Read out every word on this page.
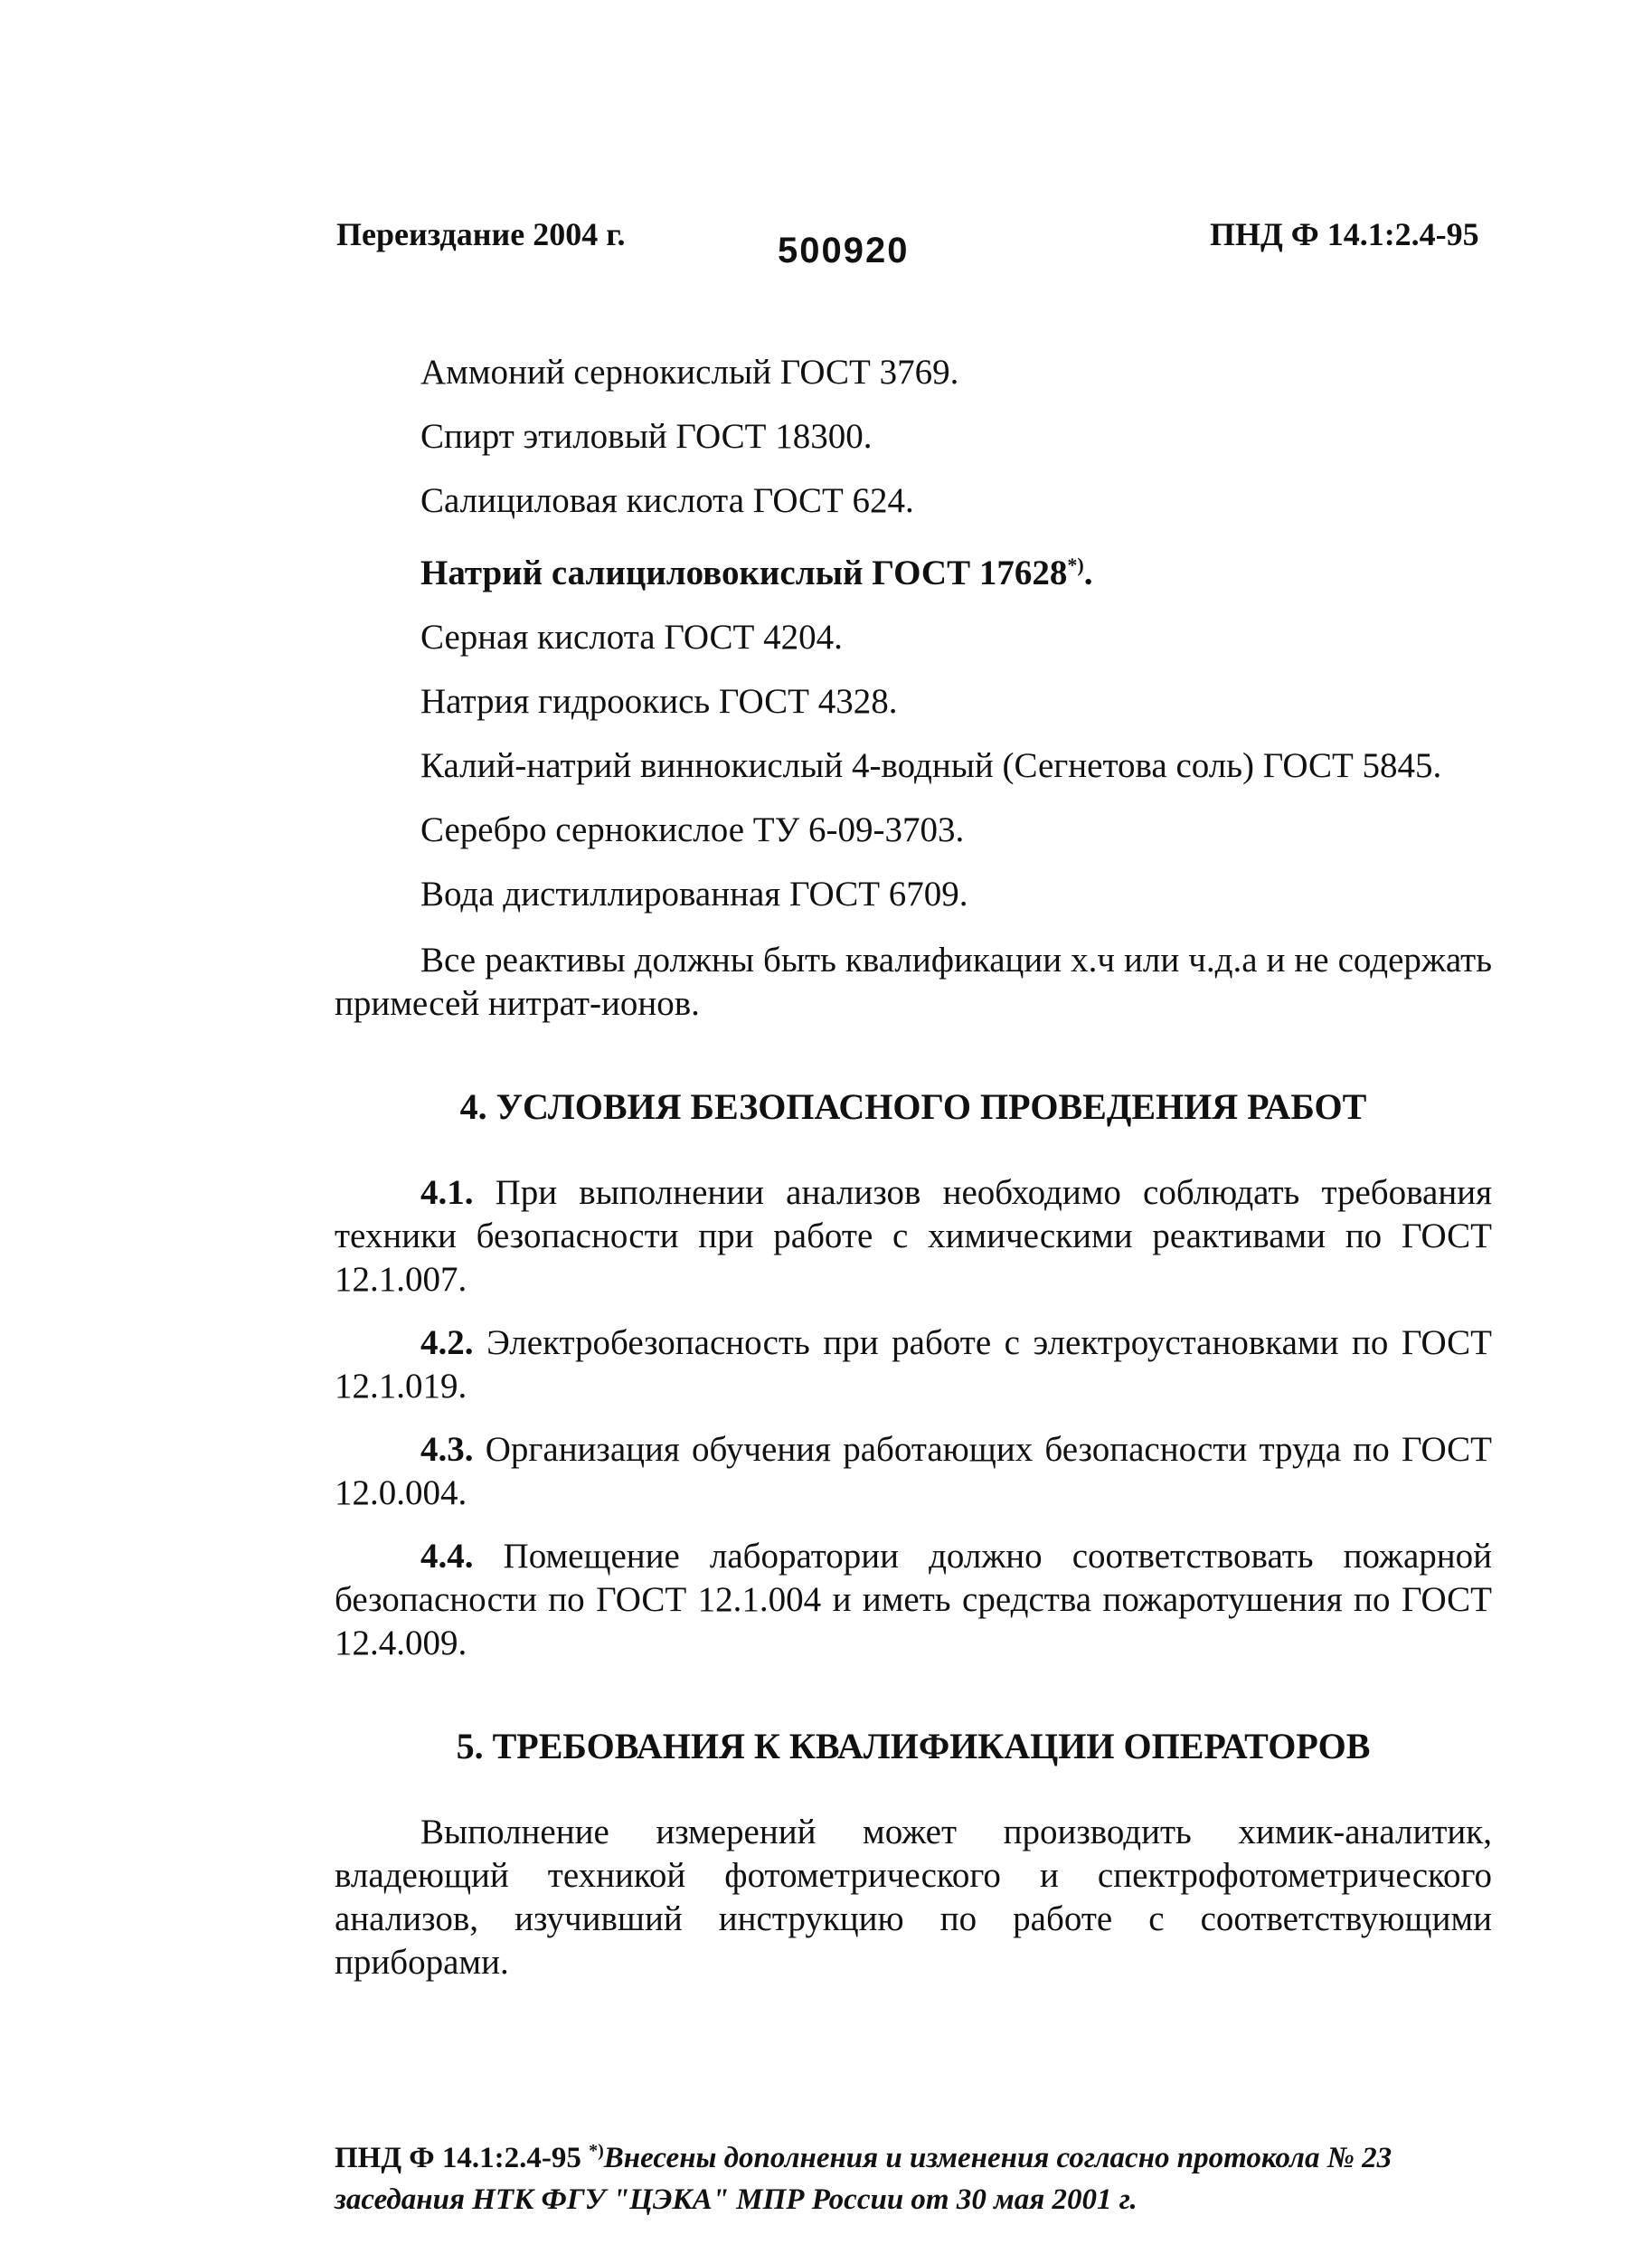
Переиздание 2004 г.	500920	ПНД Ф 14.1:2.4-95
Аммоний сернокислый ГОСТ 3769.
Спирт этиловый ГОСТ 18300.
Салициловая кислота ГОСТ 624.
Натрий салициловокислый ГОСТ 17628*).
Серная кислота ГОСТ 4204.
Натрия гидроокись ГОСТ 4328.
Калий-натрий виннокислый 4-водный (Сегнетова соль) ГОСТ 5845.
Серебро сернокислое ТУ 6-09-3703.
Вода дистиллированная ГОСТ 6709.

Все реактивы должны быть квалификации х.ч или ч.д.а и не содержать примесей нитрат-ионов.

4. УСЛОВИЯ БЕЗОПАСНОГО ПРОВЕДЕНИЯ РАБОТ

4.1. При выполнении анализов необходимо соблюдать требования техники безопасности при работе с химическими реактивами по ГОСТ 12.1.007.

4.2. Электробезопасность при работе с электроустановками по ГОСТ 12.1.019.

4.3. Организация обучения работающих безопасности труда по ГОСТ 12.0.004.

4.4. Помещение лаборатории должно соответствовать пожарной безопасности по ГОСТ 12.1.004 и иметь средства пожаротушения по ГОСТ 12.4.009.

5. ТРЕБОВАНИЯ К КВАЛИФИКАЦИИ ОПЕРАТОРОВ

Выполнение измерений может производить химик-аналитик, владеющий техникой фотометрического и спектрофотометрического анализов, изучивший инструкцию по работе с соответствующими приборами.

ПНД Ф 14.1:2.4-95 *)Внесены дополнения и изменения согласно протокола № 23 заседания НТК ФГУ "ЦЭКА" МПР России от 30 мая 2001 г.
